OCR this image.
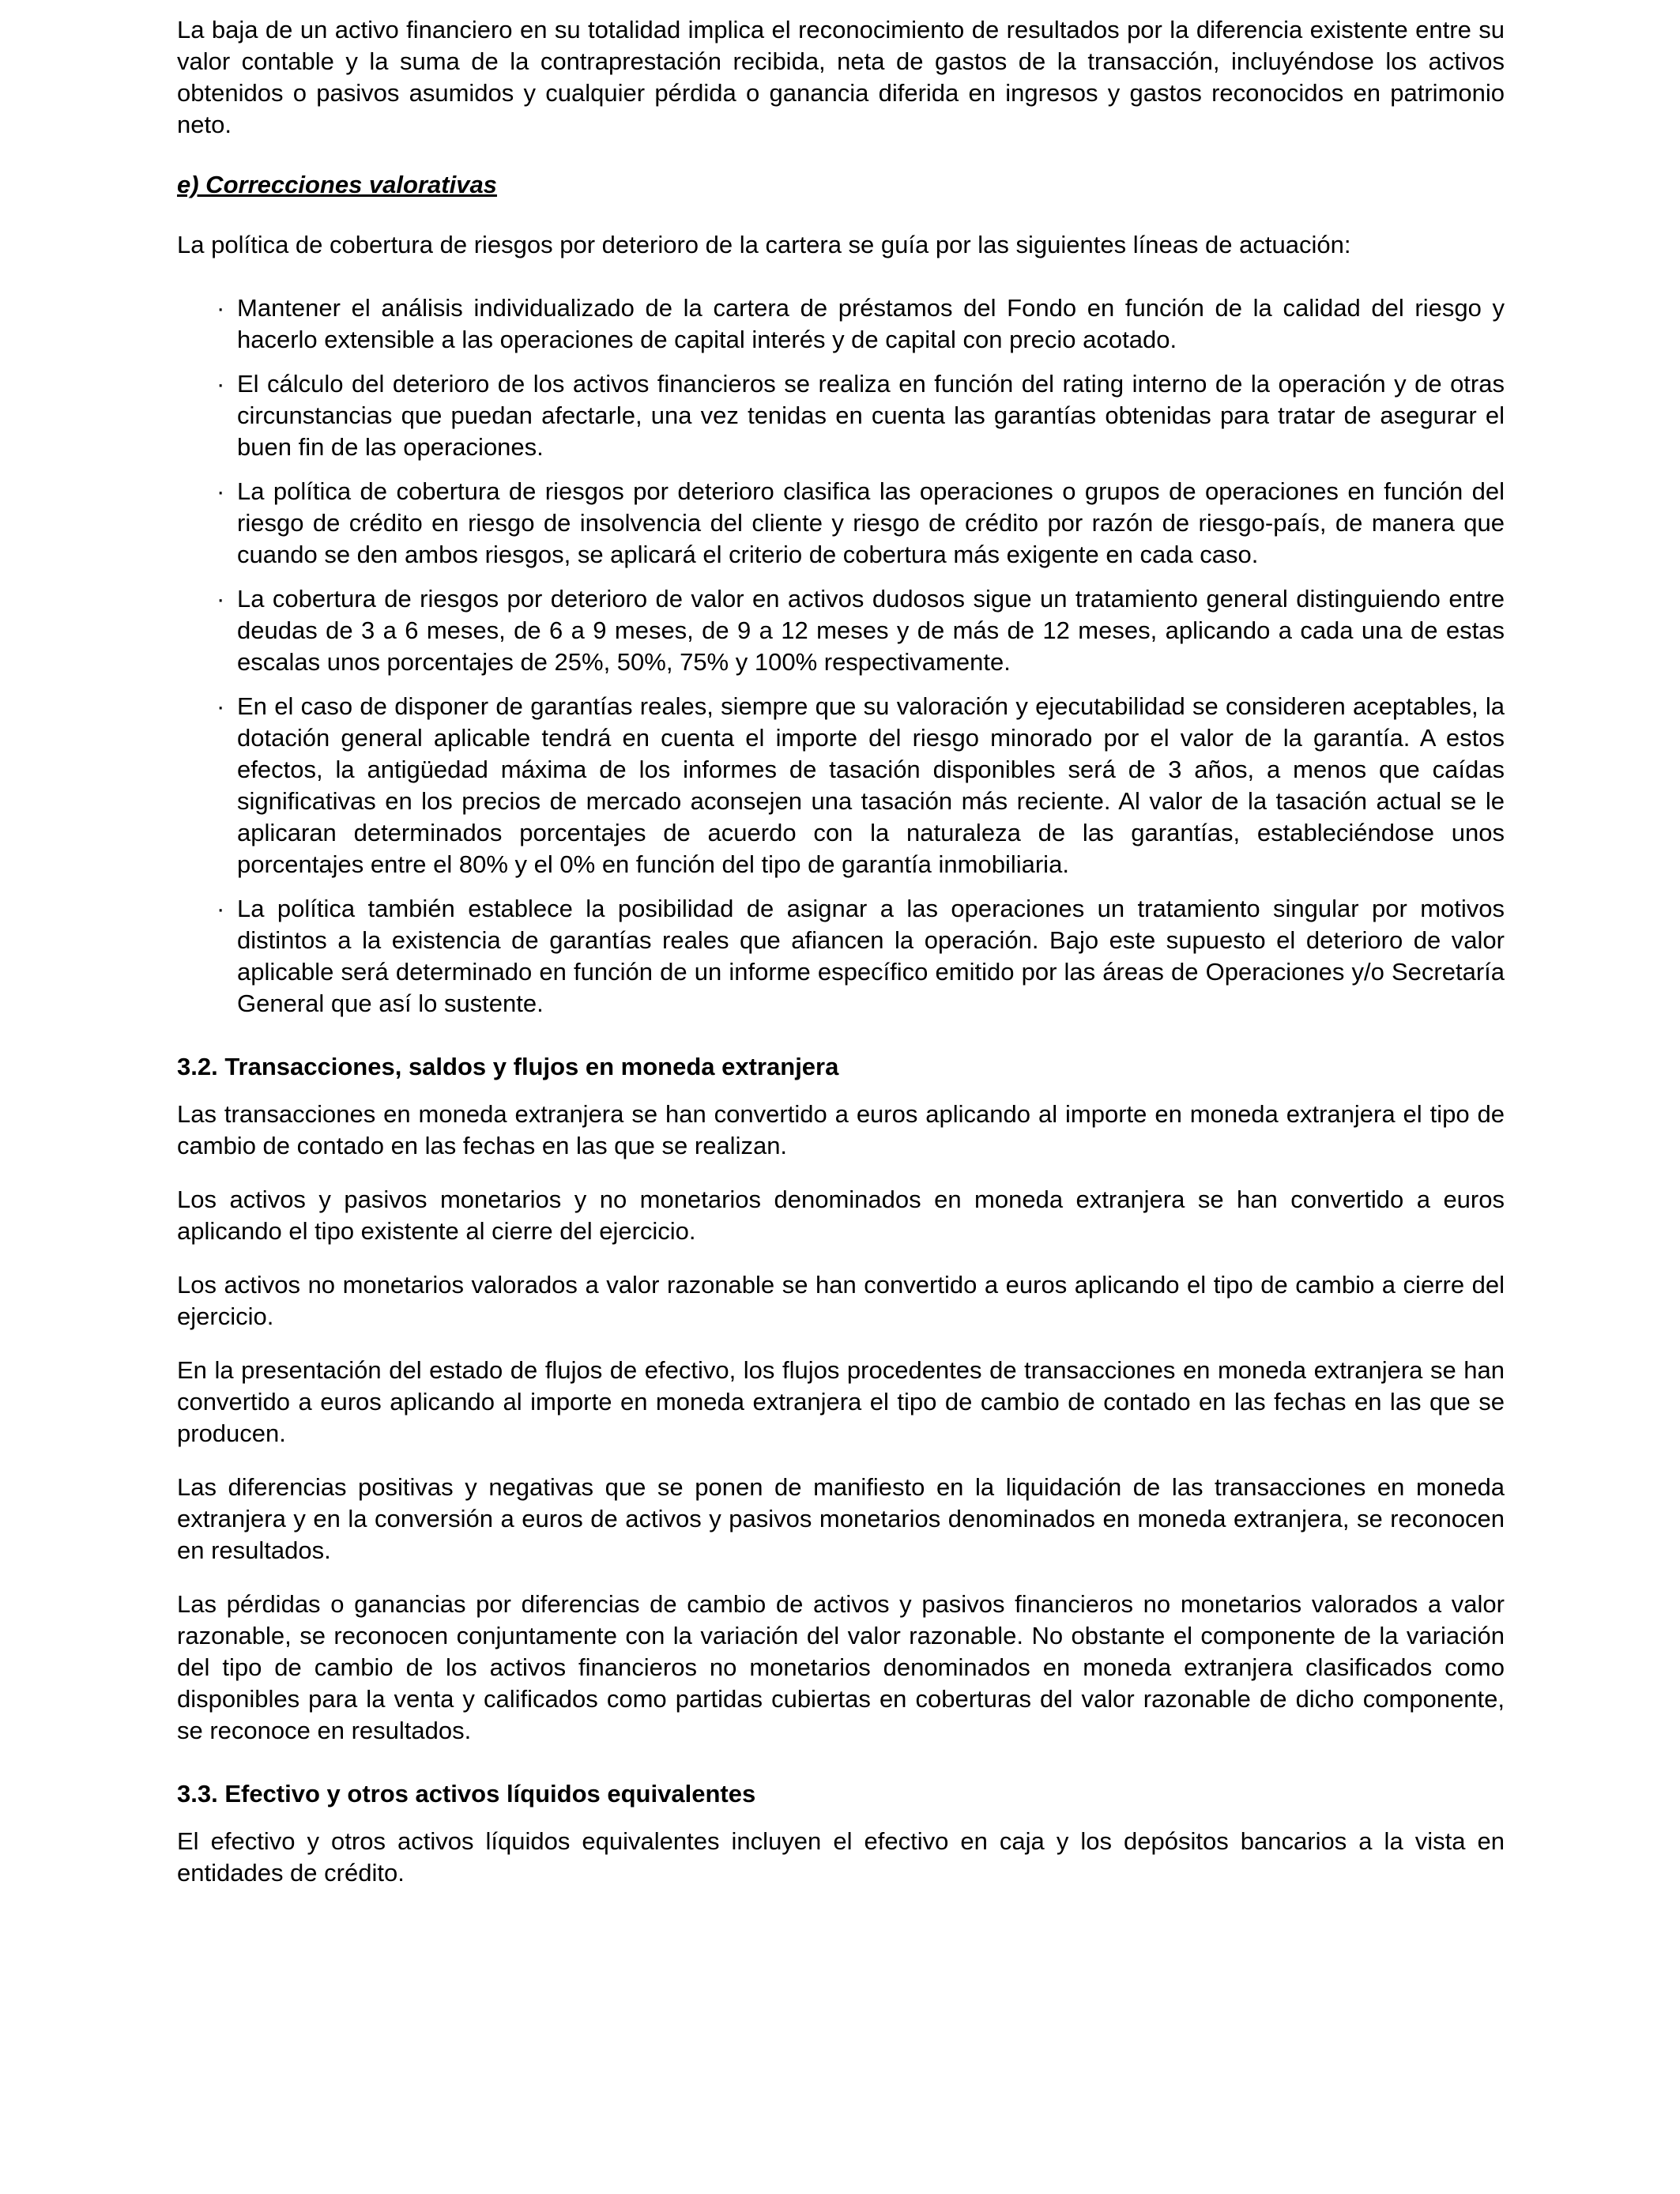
La baja de un activo financiero en su totalidad implica el reconocimiento de resultados por la diferencia existente entre su valor contable y la suma de la contraprestación recibida, neta de gastos de la transacción, incluyéndose los activos obtenidos o pasivos asumidos y cualquier pérdida o ganancia diferida en ingresos y gastos reconocidos en patrimonio neto.

e) Correcciones valorativas

La política de cobertura de riesgos por deterioro de la cartera se guía por las siguientes líneas de actuación:

· Mantener el análisis individualizado de la cartera de préstamos del Fondo en función de la calidad del riesgo y hacerlo extensible a las operaciones de capital interés y de capital con precio acotado.
· El cálculo del deterioro de los activos financieros se realiza en función del rating interno de la operación y de otras circunstancias que puedan afectarle, una vez tenidas en cuenta las garantías obtenidas para tratar de asegurar el buen fin de las operaciones.
· La política de cobertura de riesgos por deterioro clasifica las operaciones o grupos de operaciones en función del riesgo de crédito en riesgo de insolvencia del cliente y riesgo de crédito por razón de riesgo-país, de manera que cuando se den ambos riesgos, se aplicará el criterio de cobertura más exigente en cada caso.
· La cobertura de riesgos por deterioro de valor en activos dudosos sigue un tratamiento general distinguiendo entre deudas de 3 a 6 meses, de 6 a 9 meses, de 9 a 12 meses y de más de 12 meses, aplicando a cada una de estas escalas unos porcentajes de 25%, 50%, 75% y 100% respectivamente.
· En el caso de disponer de garantías reales, siempre que su valoración y ejecutabilidad se consideren aceptables, la dotación general aplicable tendrá en cuenta el importe del riesgo minorado por el valor de la garantía. A estos efectos, la antigüedad máxima de los informes de tasación disponibles será de 3 años, a menos que caídas significativas en los precios de mercado aconsejen una tasación más reciente. Al valor de la tasación actual se le aplicaran determinados porcentajes de acuerdo con la naturaleza de las garantías, estableciéndose unos porcentajes entre el 80% y el 0% en función del tipo de garantía inmobiliaria.
· La política también establece la posibilidad de asignar a las operaciones un tratamiento singular por motivos distintos a la existencia de garantías reales que afiancen la operación. Bajo este supuesto el deterioro de valor aplicable será determinado en función de un informe específico emitido por las áreas de Operaciones y/o Secretaría General que así lo sustente.
3.2. Transacciones, saldos y flujos en moneda extranjera

Las transacciones en moneda extranjera se han convertido a euros aplicando al importe en moneda extranjera el tipo de cambio de contado en las fechas en las que se realizan.

Los activos y pasivos monetarios y no monetarios denominados en moneda extranjera se han convertido a euros aplicando el tipo existente al cierre del ejercicio.

Los activos no monetarios valorados a valor razonable se han convertido a euros aplicando el tipo de cambio a cierre del ejercicio.

En la presentación del estado de flujos de efectivo, los flujos procedentes de transacciones en moneda extranjera se han convertido a euros aplicando al importe en moneda extranjera el tipo de cambio de contado en las fechas en las que se producen.

Las diferencias positivas y negativas que se ponen de manifiesto en la liquidación de las transacciones en moneda extranjera y en la conversión a euros de activos y pasivos monetarios denominados en moneda extranjera, se reconocen en resultados.

Las pérdidas o ganancias por diferencias de cambio de activos y pasivos financieros no monetarios valorados a valor razonable, se reconocen conjuntamente con la variación del valor razonable. No obstante el componente de la variación del tipo de cambio de los activos financieros no monetarios denominados en moneda extranjera clasificados como disponibles para la venta y calificados como partidas cubiertas en coberturas del valor razonable de dicho componente, se reconoce en resultados.

3.3. Efectivo y otros activos líquidos equivalentes

El efectivo y otros activos líquidos equivalentes incluyen el efectivo en caja y los depósitos bancarios a la vista en entidades de crédito.
